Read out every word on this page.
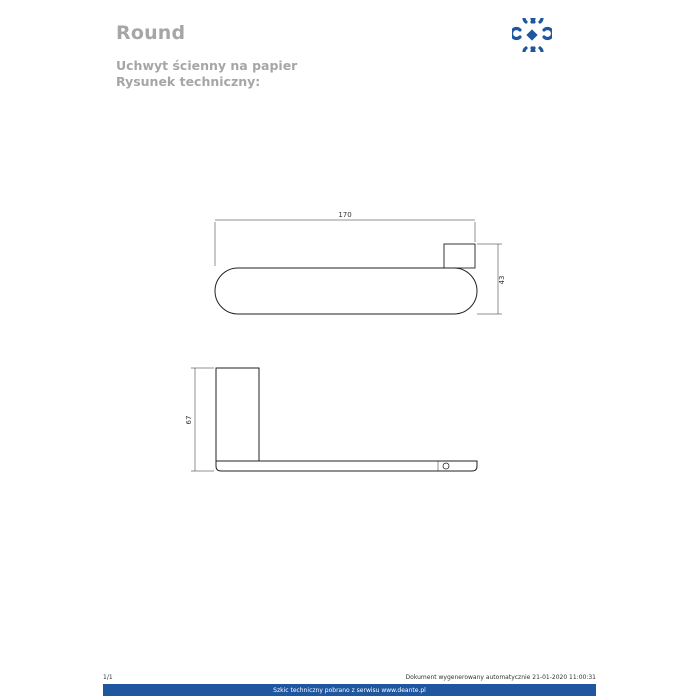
Round
Uchwyt ścienny na papier
Rysunek techniczny:
170
43
67
1/1	Dokument wygenerowany automatycznie 21-01-2020 11:00:31
Szkic techniczny pobrano z serwisu www.deante.pl
